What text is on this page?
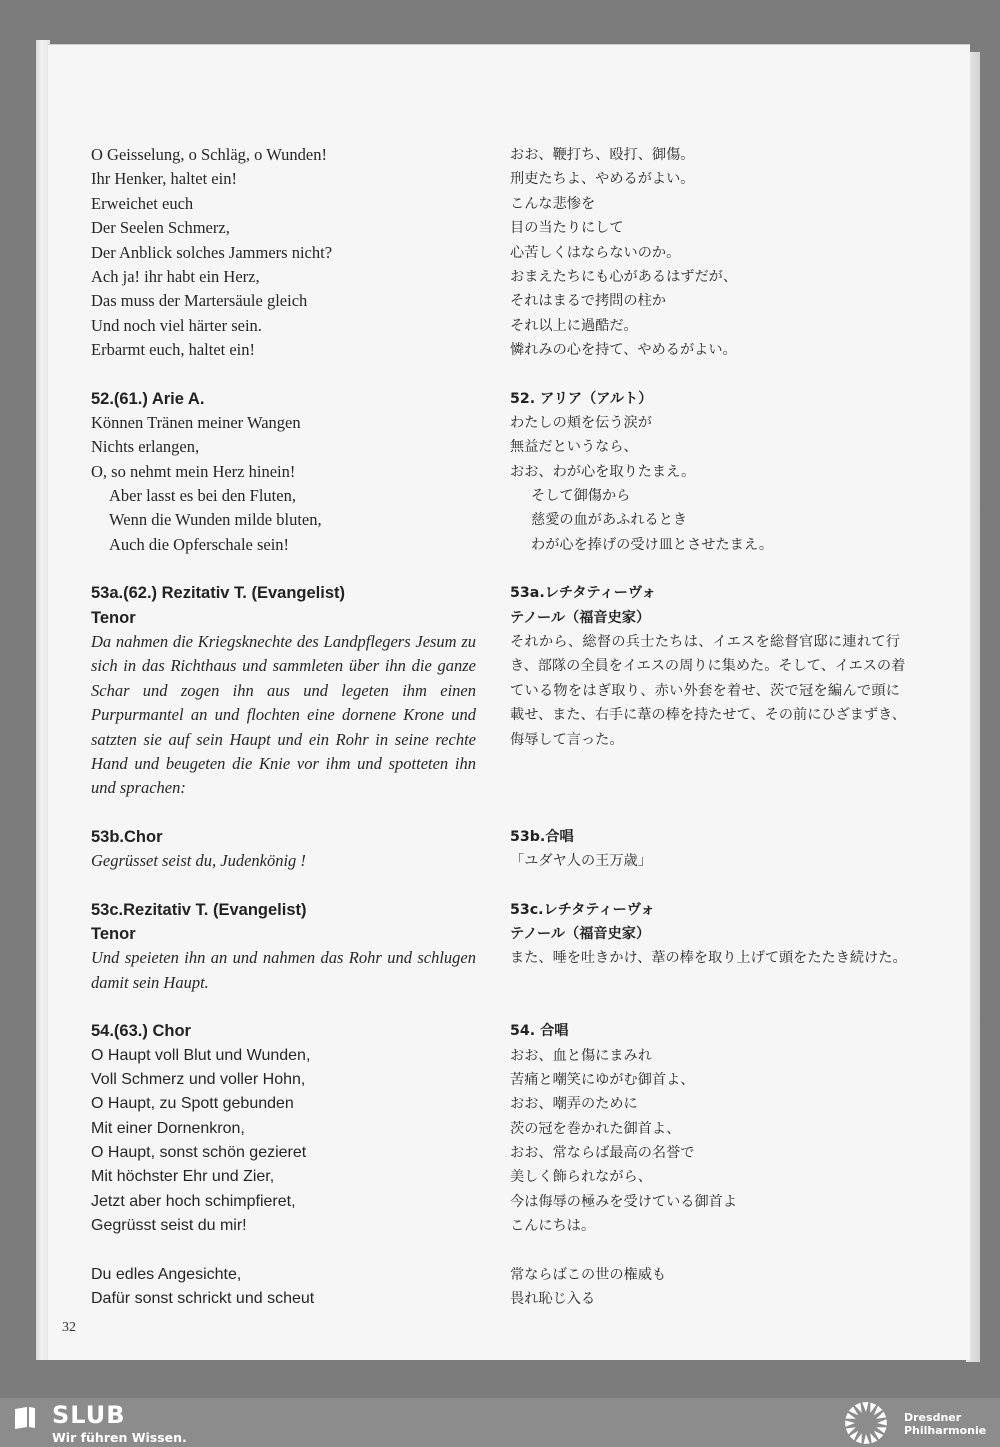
O Geisselung, o Schläg, o Wunden!
Ihr Henker, haltet ein!
Erweichet euch
Der Seelen Schmerz,
Der Anblick solches Jammers nicht?
Ach ja! ihr habt ein Herz,
Das muss der Martersäule gleich
Und noch viel härter sein.
Erbarmt euch, haltet ein!
52.(61.) Arie A.
Können Tränen meiner Wangen
Nichts erlangen,
O, so nehmt mein Herz hinein!
Aber lasst es bei den Fluten,
Wenn die Wunden milde bluten,
Auch die Opferschale sein!
53a.(62.) Rezitativ T. (Evangelist)
Tenor
Da nahmen die Kriegsknechte des Landpflegers Jesum zu
sich in das Richthaus und sammleten über ihn die ganze
Schar und zogen ihn aus und legeten ihm einen
Purpurmantel an und flochten eine dornene Krone und
satzten sie auf sein Haupt und ein Rohr in seine rechte
Hand und beugeten die Knie vor ihm und spotteten ihn
und sprachen:
53b.Chor
Gegrüsset seist du, Judenkönig !
53c.Rezitativ T. (Evangelist)
Tenor
Und speieten ihn an und nahmen das Rohr und schlugen
damit sein Haupt.
54.(63.) Chor
O Haupt voll Blut und Wunden,
Voll Schmerz und voller Hohn,
O Haupt, zu Spott gebunden
Mit einer Dornenkron,
O Haupt, sonst schön gezieret
Mit höchster Ehr und Zier,
Jetzt aber hoch schimpfieret,
Gegrüsst seist du mir!
Du edles Angesichte,
Dafür sonst schrickt und scheut
おお、鞭打ち、殴打、御傷。
刑吏たちよ、やめるがよい。
こんな悲惨を
目の当たりにして
心苦しくはならないのか。
おまえたちにも心があるはずだが、
それはまるで拷問の柱か
それ以上に過酷だ。
憐れみの心を持て、やめるがよい。
52. アリア（アルト）
わたしの頬を伝う涙が
無益だというなら、
おお、わが心を取りたまえ。
そして御傷から
慈愛の血があふれるとき
わが心を捧げの受け皿とさせたまえ。
53a.レチタティーヴォ
テノール（福音史家）
それから、総督の兵士たちは、イエスを総督官邸に連れて行
き、部隊の全員をイエスの周りに集めた。そして、イエスの着
ている物をはぎ取り、赤い外套を着せ、茨で冠を編んで頭に
載せ、また、右手に葦の棒を持たせて、その前にひざまずき、
侮辱して言った。
53b.合唱
「ユダヤ人の王万歳」
53c.レチタティーヴォ
テノール（福音史家）
また、唾を吐きかけ、葦の棒を取り上げて頭をたたき続けた。
54. 合唱
おお、血と傷にまみれ
苦痛と嘲笑にゆがむ御首よ、
おお、嘲弄のために
茨の冠を巻かれた御首よ、
おお、常ならば最高の名誉で
美しく飾られながら、
今は侮辱の極みを受けている御首よ
こんにちは。
常ならばこの世の権威も
畏れ恥じ入る
32
SLUB
Wir führen Wissen.
Dresdner
Philharmonie
